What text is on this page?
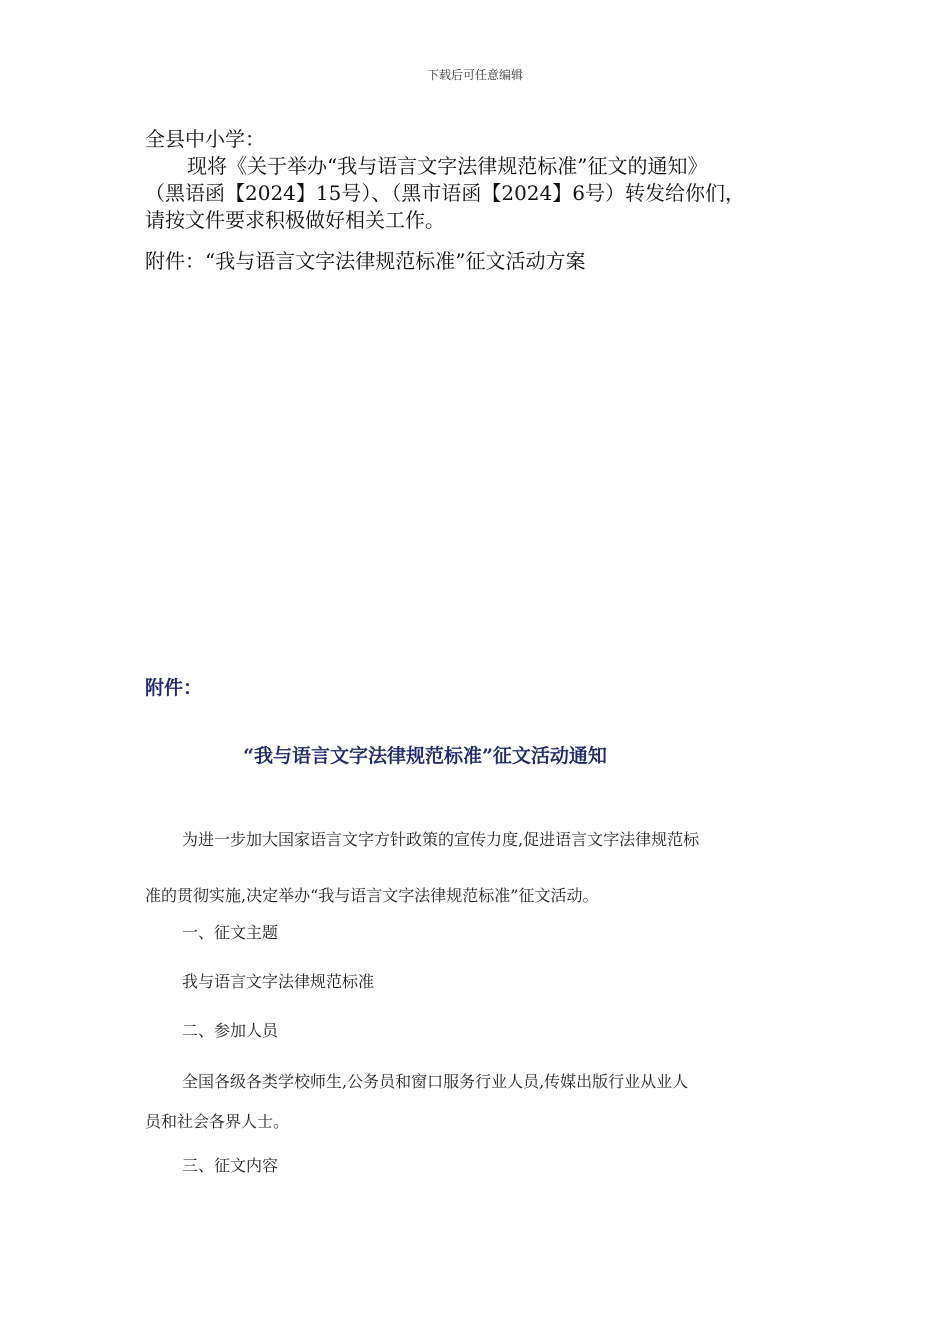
下载后可任意编辑

全县中小学：

现将《关于举办“我与语言文字法律规范标准”征文的通知》

（黑语函【2024】15号）、（黑市语函【2024】6号）转发给你们，

请按文件要求积极做好相关工作。

附件：“我与语言文字法律规范标准”征文活动方案
附件：
“我与语言文字法律规范标准”征文活动通知

为进一步加大国家语言文字方针政策的宣传力度,促进语言文字法律规范标

准的贯彻实施,决定举办“我与语言文字法律规范标准”征文活动。

一、征文主题
我与语言文字法律规范标准
二、参加人员

全国各级各类学校师生,公务员和窗口服务行业人员,传媒出版行业从业人

员和社会各界人士。

三、征文内容
